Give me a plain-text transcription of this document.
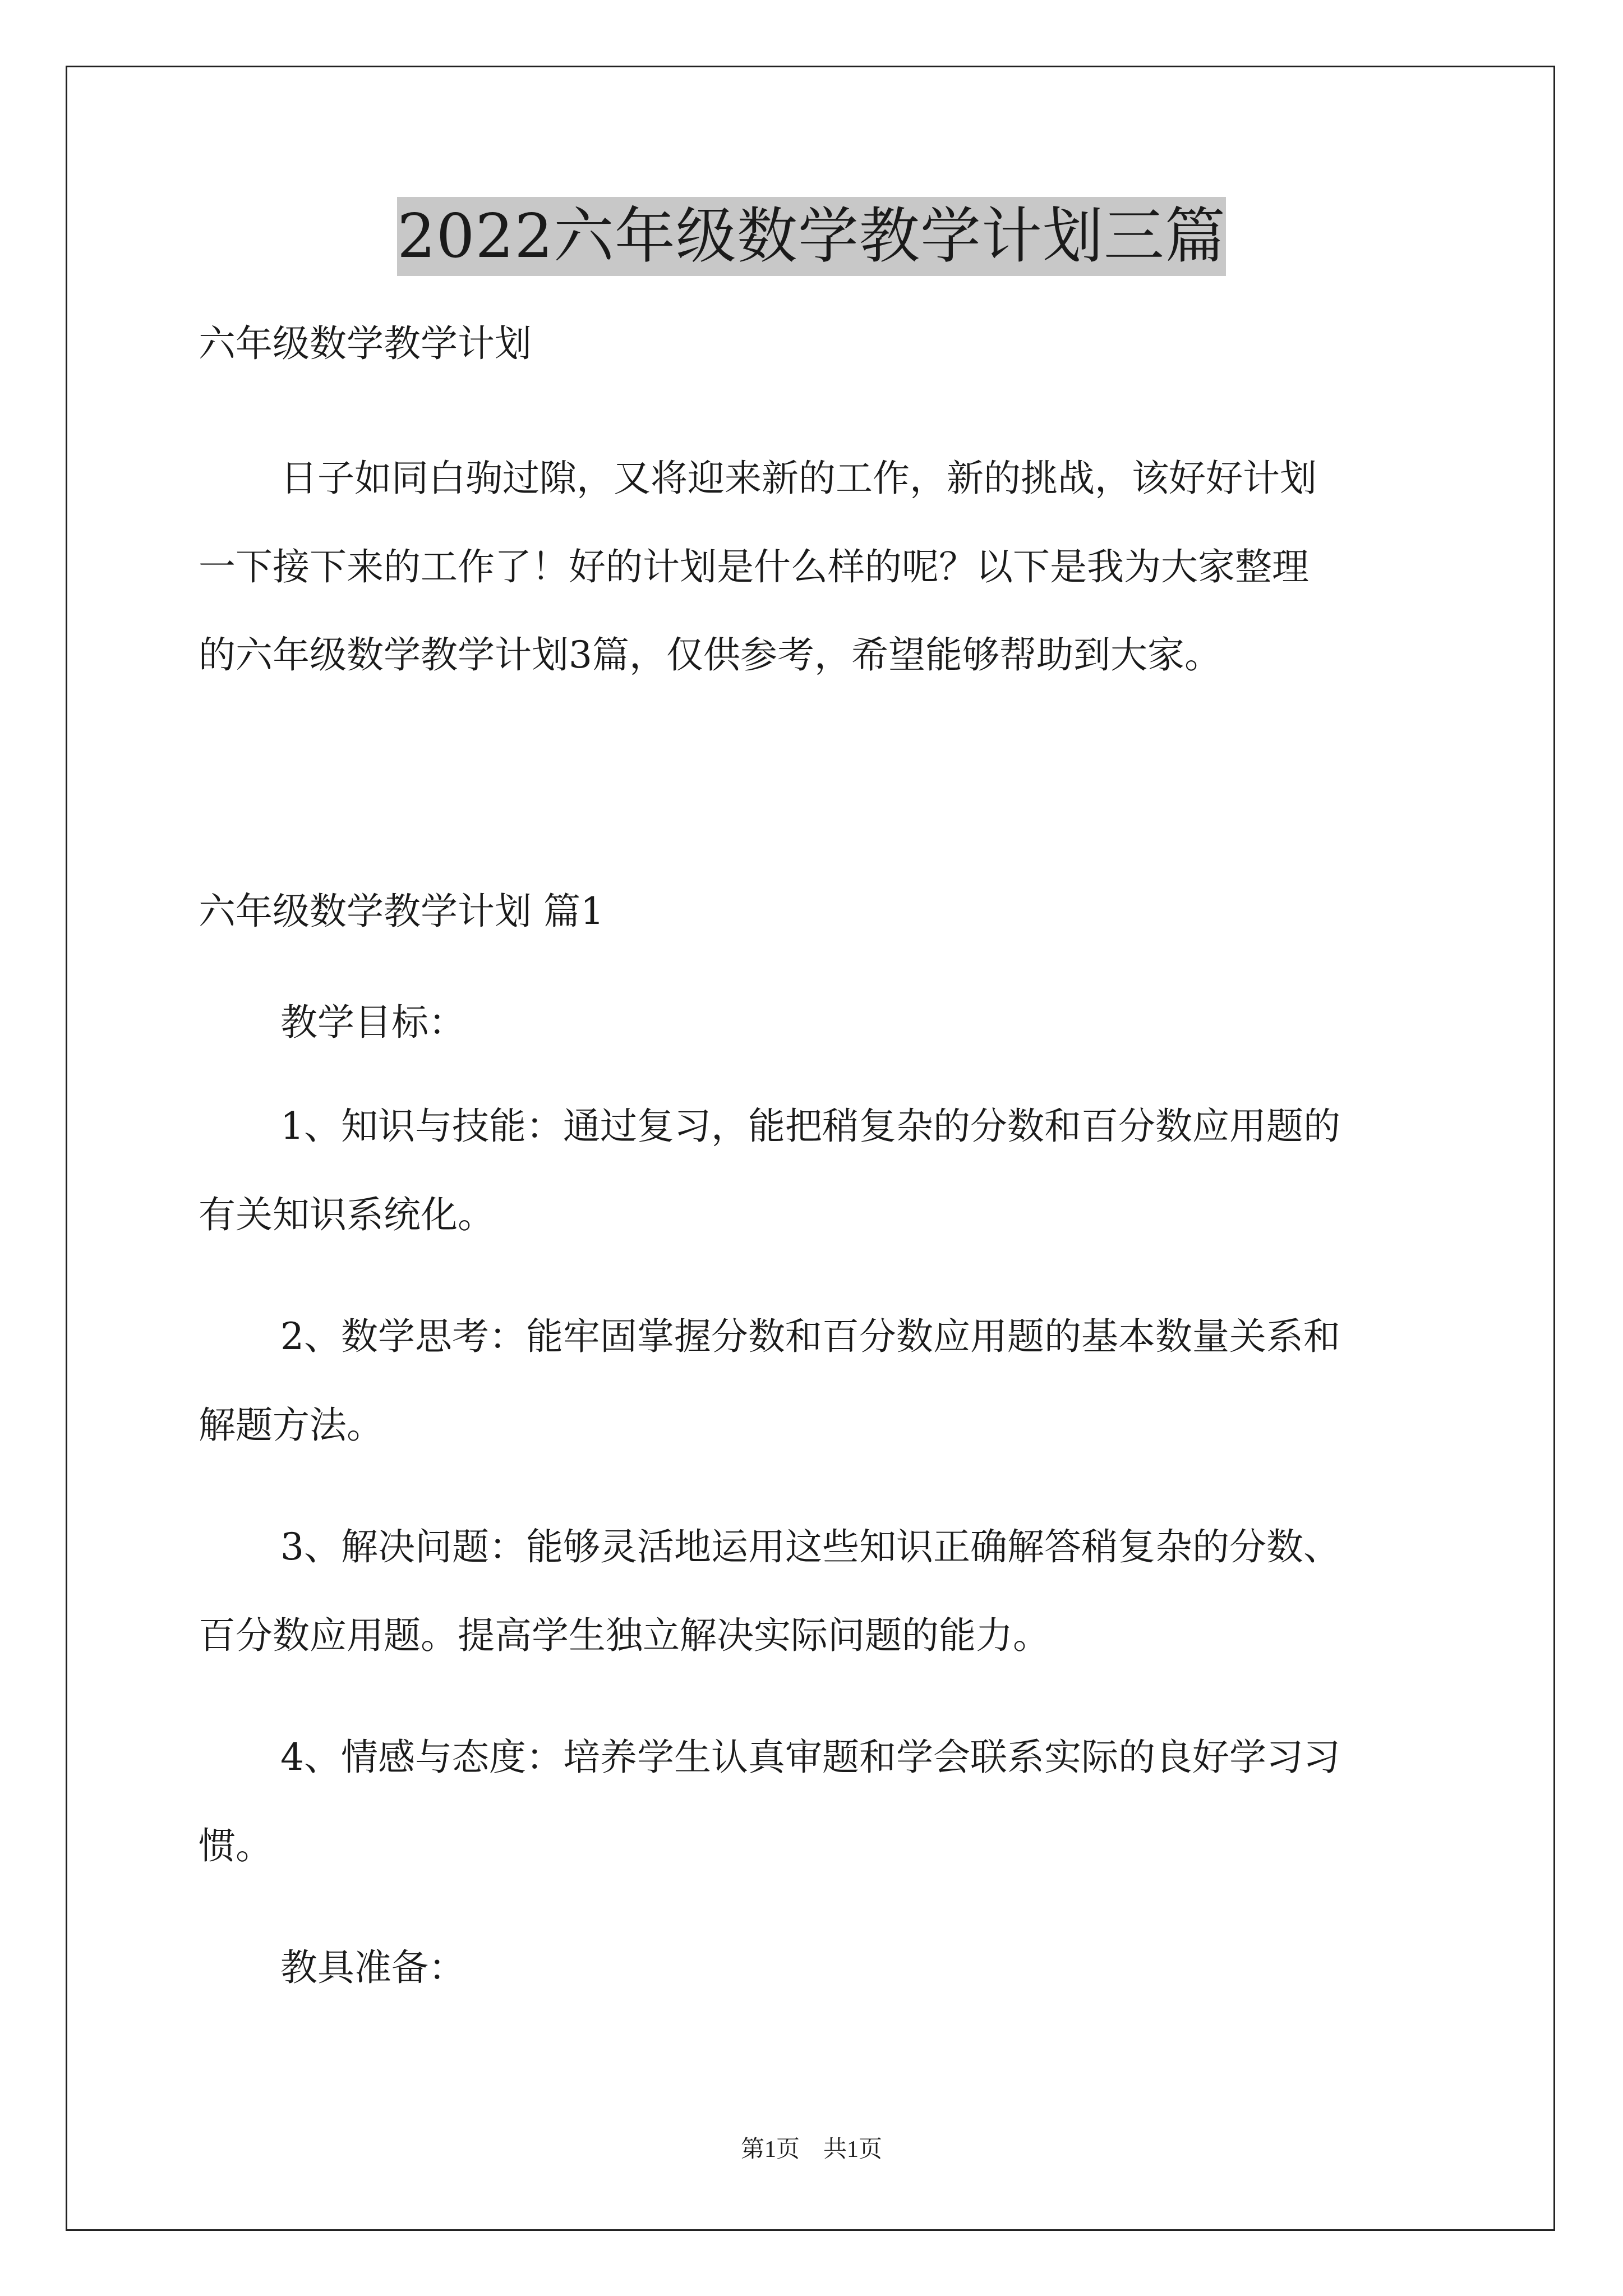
2022六年级数学教学计划三篇

六年级数学教学计划

日子如同白驹过隙，又将迎来新的工作，新的挑战，该好好计划
一下接下来的工作了！好的计划是什么样的呢？以下是我为大家整理
的六年级数学教学计划3篇，仅供参考，希望能够帮助到大家。

六年级数学教学计划 篇1

教学目标：

1、知识与技能：通过复习，能把稍复杂的分数和百分数应用题的
有关知识系统化。
2、数学思考：能牢固掌握分数和百分数应用题的基本数量关系和
解题方法。
3、解决问题：能够灵活地运用这些知识正确解答稍复杂的分数、
百分数应用题。提高学生独立解决实际问题的能力。
4、情感与态度：培养学生认真审题和学会联系实际的良好学习习
惯。

教具准备：

第1页　共1页
